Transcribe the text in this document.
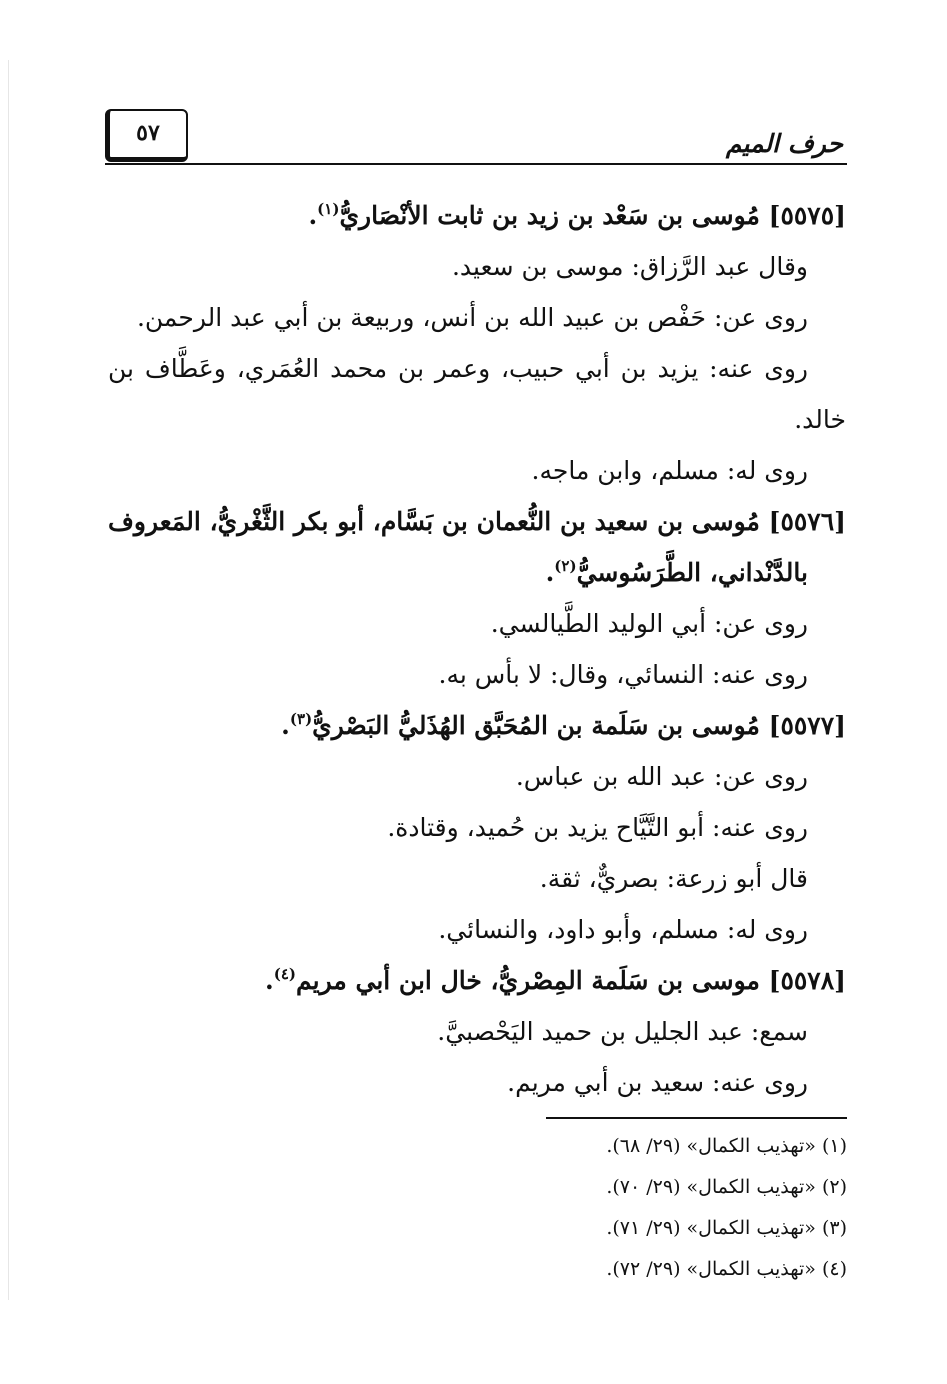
حرف الميم
٥٧
[٥٥٧٥] مُوسى بن سَعْد بن زيد بن ثابت الأنْصَاريُّ$^{(١)}$.
وقال عبد الرَّزاق: موسى بن سعيد.
روى عن: حَفْص بن عبيد الله بن أنس، وربيعة بن أبي عبد الرحمن.
روى عنه: يزيد بن أبي حبيب، وعمر بن محمد العُمَري، وعَطَّاف بن
خالد.
روى له: مسلم، وابن ماجه.
[٥٥٧٦] مُوسى بن سعيد بن النُّعمان بن بَسَّام، أبو بكر الثَّغْريُّ، المَعروف
بالدَّنْداني، الطَّرَسُوسيُّ$^{(٢)}$.
روى عن: أبي الوليد الطَّيالسي.
روى عنه: النسائي، وقال: لا بأس به.
[٥٥٧٧] مُوسى بن سَلَمة بن المُحَبَّق الهُذَليُّ البَصْريُّ$^{(٣)}$.
روى عن: عبد الله بن عباس.
روى عنه: أبو التَّيَّاح يزيد بن حُميد، وقتادة.
قال أبو زرعة: بصريٌّ، ثقة.
روى له: مسلم، وأبو داود، والنسائي.
[٥٥٧٨] موسى بن سَلَمة المِصْريُّ، خال ابن أبي مريم$^{(٤)}$.
سمع: عبد الجليل بن حميد اليَحْصبيَّ.
روى عنه: سعيد بن أبي مريم.
(١) «تهذيب الكمال» (٢٩/ ٦٨).
(٢) «تهذيب الكمال» (٢٩/ ٧٠).
(٣) «تهذيب الكمال» (٢٩/ ٧١).
(٤) «تهذيب الكمال» (٢٩/ ٧٢).
